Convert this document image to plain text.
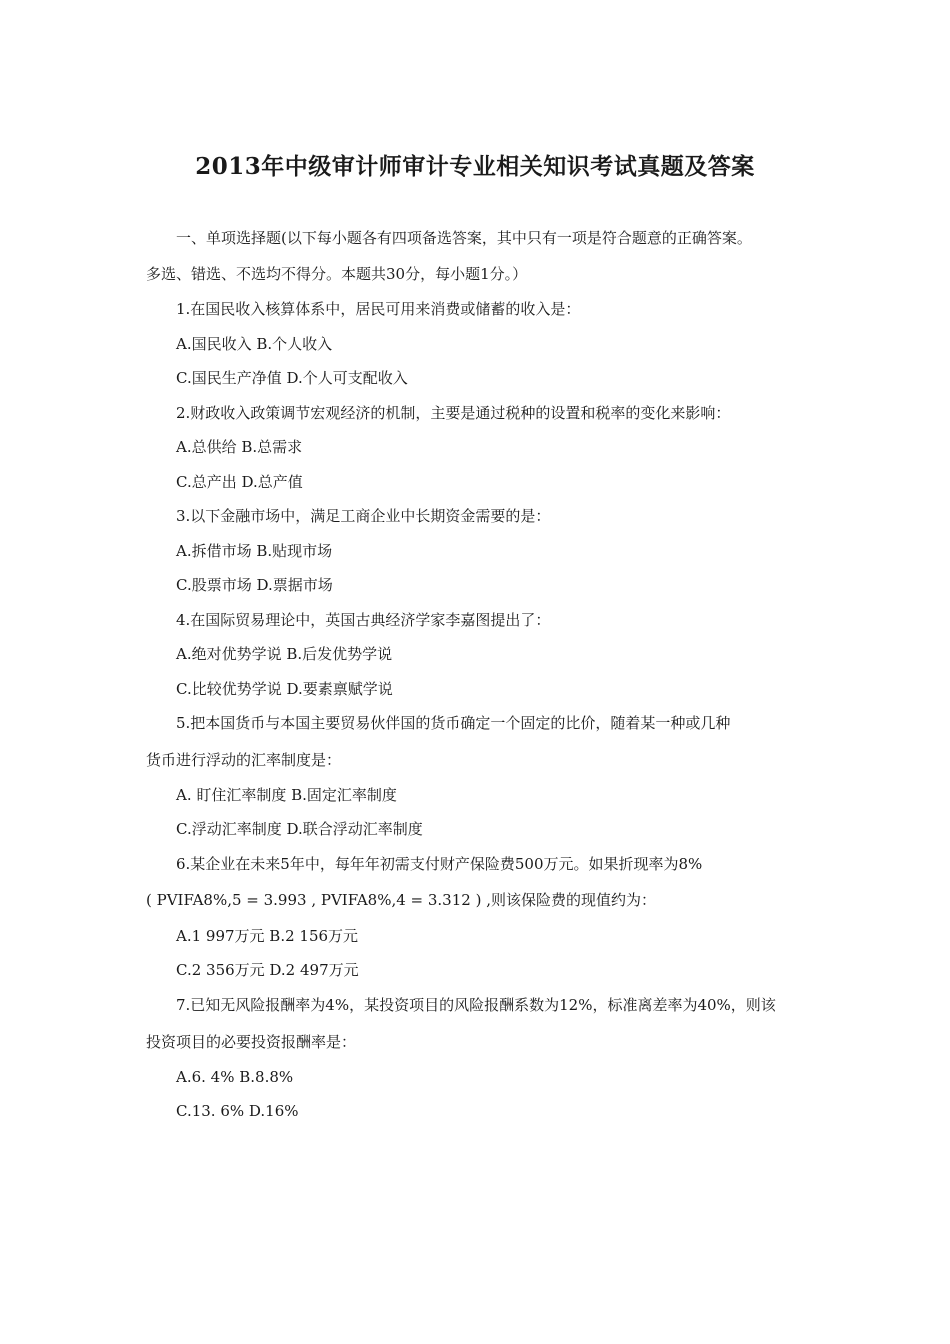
2013年中级审计师审计专业相关知识考试真题及答案
一、单项选择题(以下每小题各有四项备选答案，其中只有一项是符合题意的正确答案。
多选、错选、不选均不得分。本题共30分，每小题1分。）
1.在国民收入核算体系中，居民可用来消费或储蓄的收入是：
A.国民收入 B.个人收入
C.国民生产净值 D.个人可支配收入
2.财政收入政策调节宏观经济的机制，主要是通过税种的设置和税率的变化来影响：
A.总供给 B.总需求
C.总产出 D.总产值
3.以下金融市场中，满足工商企业中长期资金需要的是：
A.拆借市场 B.贴现市场
C.股票市场 D.票据市场
4.在国际贸易理论中，英国古典经济学家李嘉图提出了：
A.绝对优势学说 B.后发优势学说
C.比较优势学说 D.要素禀赋学说
5.把本国货币与本国主要贸易伙伴国的货币确定一个固定的比价，随着某一种或几种
货币进行浮动的汇率制度是：
A. 盯住汇率制度 B.固定汇率制度
C.浮动汇率制度 D.联合浮动汇率制度
6.某企业在未来5年中，每年年初需支付财产保险费500万元。如果折现率为8%
( PVIFA8%,5 = 3.993 , PVIFA8%,4 = 3.312 ) ,则该保险费的现值约为：
A.1 997万元 B.2 156万元
C.2 356万元 D.2 497万元
7.已知无风险报酬率为4%，某投资项目的风险报酬系数为12%，标准离差率为40%，则该
投资项目的必要投资报酬率是：
A.6. 4% B.8.8%
C.13. 6% D.16%
